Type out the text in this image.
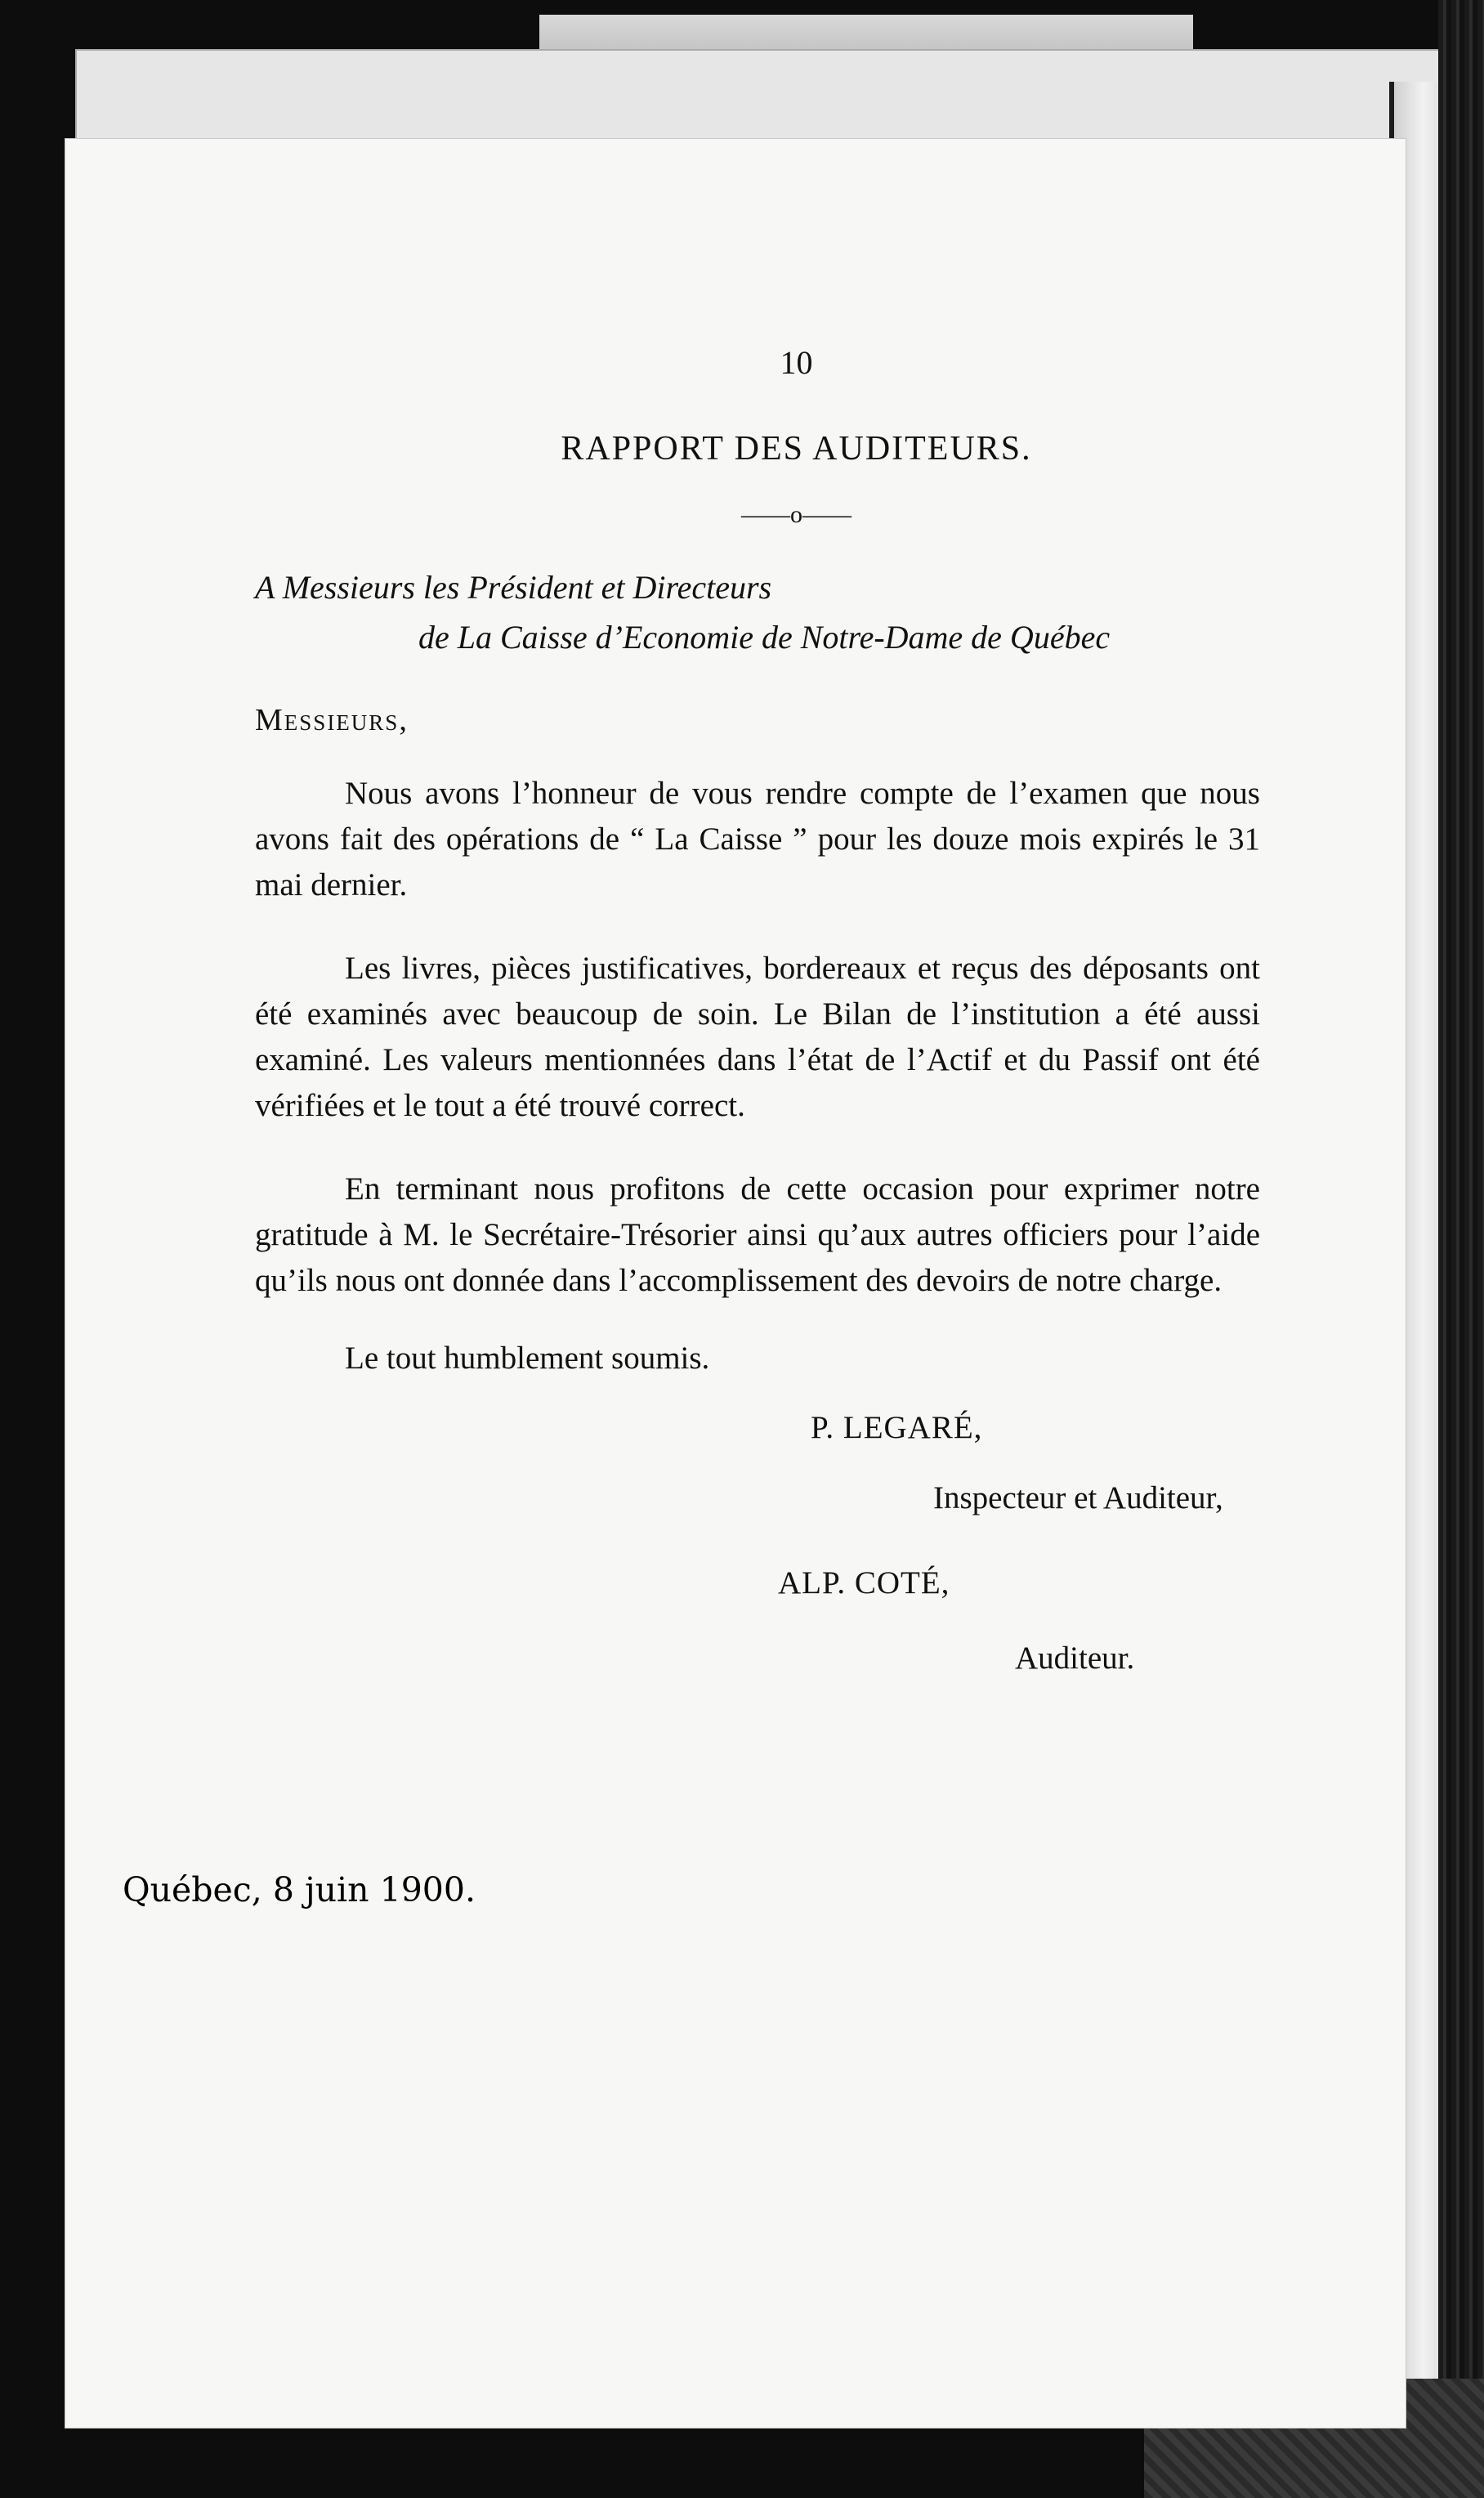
10
RAPPORT DES AUDITEURS.
——o——
A Messieurs les Président et Directeurs
de La Caisse d’Economie de Notre-Dame de Québec
Messieurs,

Nous avons l’honneur de vous rendre compte de l’examen que nous avons fait des opérations de “ La Caisse ” pour les douze mois expirés le 31 mai dernier.

Les livres, pièces justificatives, bordereaux et reçus des déposants ont été examinés avec beaucoup de soin. Le Bilan de l’institution a été aussi examiné. Les valeurs mentionnées dans l’état de l’Actif et du Passif ont été vérifiées et le tout a été trouvé correct.

En terminant nous profitons de cette occasion pour exprimer notre gratitude à M. le Secrétaire-Trésorier ainsi qu’aux autres officiers pour l’aide qu’ils nous ont donnée dans l’accomplissement des devoirs de notre charge.

Le tout humblement soumis.
P. LEGARÉ,
Inspecteur et Auditeur,
ALP. COTÉ,
Auditeur.
Québec, 8 juin 1900.
